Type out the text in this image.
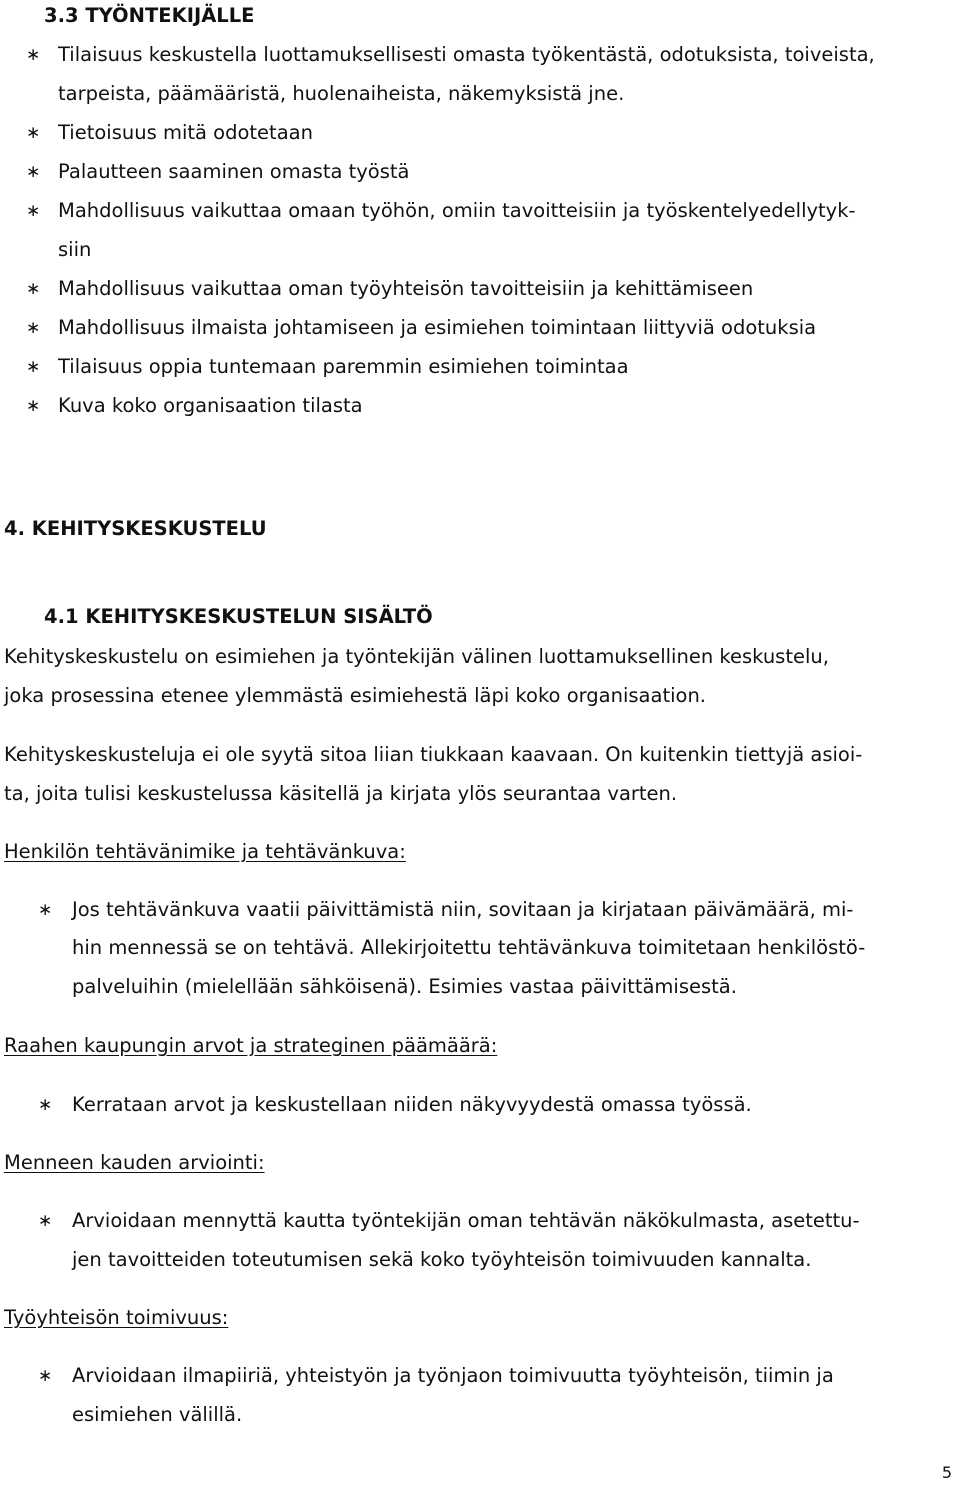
3.3 TYÖNTEKIJÄLLE
∗ Tilaisuus keskustella luottamuksellisesti omasta työkentästä, odotuksista, toiveista,
tarpeista, päämääristä, huolenaiheista, näkemyksistä jne.
∗ Tietoisuus mitä odotetaan
∗ Palautteen saaminen omasta työstä
∗ Mahdollisuus vaikuttaa omaan työhön, omiin tavoitteisiin ja työskentelyedellytyk-
siin
∗ Mahdollisuus vaikuttaa oman työyhteisön tavoitteisiin ja kehittämiseen
∗ Mahdollisuus ilmaista johtamiseen ja esimiehen toimintaan liittyviä odotuksia
∗ Tilaisuus oppia tuntemaan paremmin esimiehen toimintaa
∗ Kuva koko organisaation tilasta
4. KEHITYSKESKUSTELU
4.1 KEHITYSKESKUSTELUN SISÄLTÖ
Kehityskeskustelu on esimiehen ja työntekijän välinen luottamuksellinen keskustelu,
joka prosessina etenee ylemmästä esimiehestä läpi koko organisaation.
Kehityskeskusteluja ei ole syytä sitoa liian tiukkaan kaavaan. On kuitenkin tiettyjä asioi-
ta, joita tulisi keskustelussa käsitellä ja kirjata ylös seurantaa varten.
Henkilön tehtävänimike ja tehtävänkuva:
∗ Jos tehtävänkuva vaatii päivittämistä niin, sovitaan ja kirjataan päivämäärä, mi-
hin mennessä se on tehtävä. Allekirjoitettu tehtävänkuva toimitetaan henkilöstö-
palveluihin (mielellään sähköisenä). Esimies vastaa päivittämisestä.
Raahen kaupungin arvot ja strateginen päämäärä:
∗ Kerrataan arvot ja keskustellaan niiden näkyvyydestä omassa työssä.
Menneen kauden arviointi:
∗ Arvioidaan mennyttä kautta työntekijän oman tehtävän näkökulmasta, asetettu-
jen tavoitteiden toteutumisen sekä koko työyhteisön toimivuuden kannalta.
Työyhteisön toimivuus:
∗ Arvioidaan ilmapiiriä, yhteistyön ja työnjaon toimivuutta työyhteisön, tiimin ja
esimiehen välillä.
5
